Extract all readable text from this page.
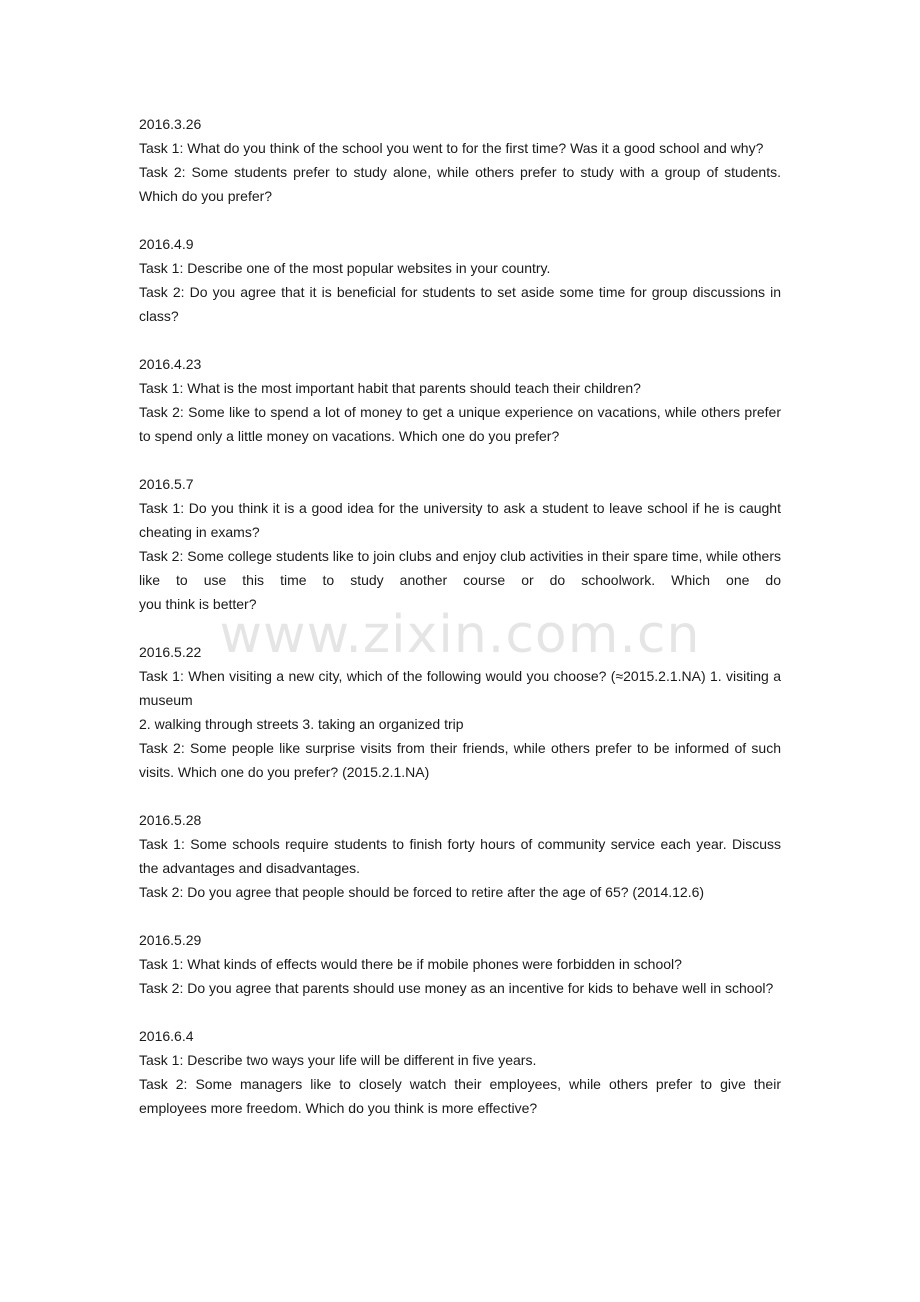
2016.3.26

Task 1: What do you think of the school you went to for the first time? Was it a good school and why?

Task 2: Some students prefer to study alone, while others prefer to study with a group of students. Which do you prefer?

2016.4.9

Task 1: Describe one of the most popular websites in your country.

Task 2: Do you agree that it is beneficial for students to set aside some time for group discussions in class?

2016.4.23

Task 1: What is the most important habit that parents should teach their children?

Task 2: Some like to spend a lot of money to get a unique experience on vacations, while others prefer to spend only a little money on vacations. Which one do you prefer?

2016.5.7

Task 1: Do you think it is a good idea for the university to ask a student to leave school if he is caught cheating in exams?

Task 2: Some college students like to join clubs and enjoy club activities in their spare time, while others like to use this time to study another course or do schoolwork. Which one do

you think is better?

2016.5.22

Task 1: When visiting a new city, which of the following would you choose? (≈2015.2.1.NA) 1. visiting a museum

2. walking through streets 3. taking an organized trip

Task 2: Some people like surprise visits from their friends, while others prefer to be informed of such visits. Which one do you prefer? (2015.2.1.NA)

2016.5.28

Task 1: Some schools require students to finish forty hours of community service each year. Discuss the advantages and disadvantages.

Task 2: Do you agree that people should be forced to retire after the age of 65? (2014.12.6)

2016.5.29

Task 1: What kinds of effects would there be if mobile phones were forbidden in school?

Task 2: Do you agree that parents should use money as an incentive for kids to behave well in school?

2016.6.4

Task 1: Describe two ways your life will be different in five years.

Task 2: Some managers like to closely watch their employees, while others prefer to give their employees more freedom. Which do you think is more effective?

www.zixin.com.cn
